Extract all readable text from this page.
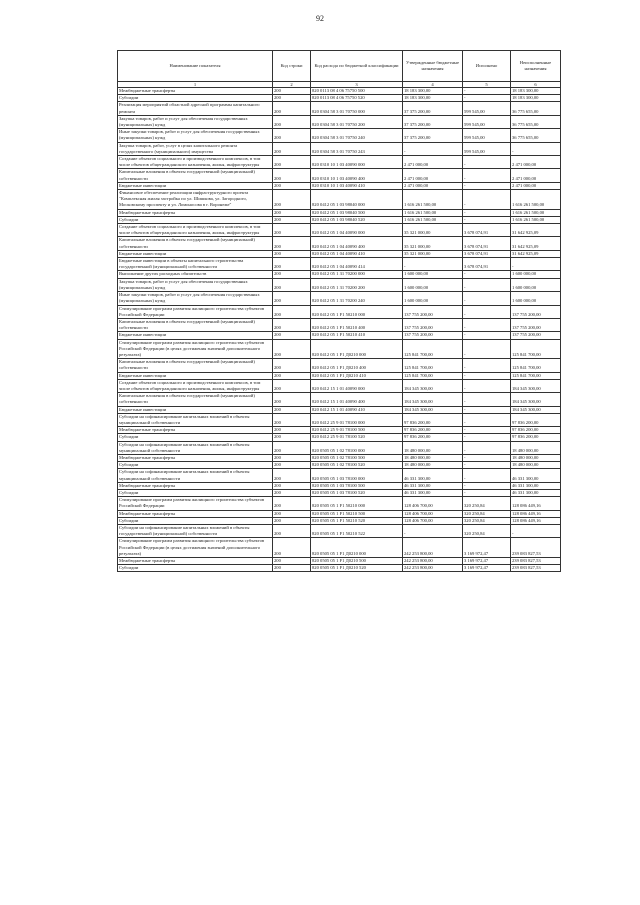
92
Наименование показателя	Код строки	Код расхода по бюджетной классификации	Утвержденные бюджетные назначения	Исполнено	Неисполненные назначения
1	2	3	4	5	6
Межбюджетные трансферты	200	820 0113 08 4 06 75750 500	18 183 300,00	-	18 183 300,00
Субсидии	200	820 0113 08 4 06 75750 520	18 183 300,00	-	18 183 300,00
Реализация мероприятий областной адресной программы капитального ремонта	200	820 0304 58 3 01 70750 000	37 375 200,00	599 545,00	36 775 655,00
Закупка товаров, работ и услуг для обеспечения государственных (муниципальных) нужд	200	820 0304 58 3 01 70750 200	37 375 200,00	599 545,00	36 775 655,00
Иные закупки товаров, работ и услуг для обеспечения государственных (муниципальных) нужд	200	820 0304 58 3 01 70750 240	37 375 200,00	599 545,00	36 775 655,00
Закупка товаров, работ, услуг в целях капитального ремонта государственного (муниципального) имущества	200	820 0304 58 3 01 70750 243	-	599 545,00	-
Создание объектов социального и производственного комплексов, в том числе объектов общегражданского назначения, жилья, инфраструктуры	200	820 0310 10 1 03 40090 000	2 471 000,00	-	2 471 000,00
Капитальные вложения в объекты государственной (муниципальной) собственности	200	820 0310 10 1 03 40090 400	2 471 000,00	-	2 471 000,00
Бюджетные инвестиции	200	820 0310 10 1 03 40090 410	2 471 000,00	-	2 471 000,00
Финансовое обеспечение реализации инфраструктурного проекта "Комплексная жилая застройка по ул. Шишкова, ул. Загородного, Московскому проспекту и ул. Ломоносова в г. Воронеже"	200	820 0412 05 1 03 98040 000	1 616 261 500,00	-	1 616 261 500,00
Межбюджетные трансферты	200	820 0412 05 1 03 98040 500	1 616 261 500,00	-	1 616 261 500,00
Субсидии	200	820 0412 05 1 03 98040 520	1 616 261 500,00	-	1 616 261 500,00
Создание объектов социального и производственного комплексов, в том числе объектов общегражданского назначения, жилья, инфраструктуры	200	820 0412 05 1 04 40090 000	35 321 000,00	3 678 074,91	31 642 925,09
Капитальные вложения в объекты государственной (муниципальной) собственности	200	820 0412 05 1 04 40090 400	35 321 000,00	3 678 074,91	31 642 925,09
Бюджетные инвестиции	200	820 0412 05 1 04 40090 410	35 321 000,00	3 678 074,91	31 642 925,09
Бюджетные инвестиции в объекты капитального строительства государственной (муниципальной) собственности	200	820 0412 05 1 04 40090 414	-	3 678 074,91	-
Выполнение других расходных обязательств	200	820 0412 05 1 31 70200 000	1 600 000,00	-	1 600 000,00
Закупка товаров, работ и услуг для обеспечения государственных (муниципальных) нужд	200	820 0412 05 1 31 70200 200	1 600 000,00	-	1 600 000,00
Иные закупки товаров, работ и услуг для обеспечения государственных (муниципальных) нужд	200	820 0412 05 1 31 70200 240	1 600 000,00	-	1 600 000,00
Стимулирование программ развития жилищного строительства субъектов Российской Федерации	200	820 0412 05 1 F1 50210 000	137 755 200,00	-	137 755 200,00
Капитальные вложения в объекты государственной (муниципальной) собственности	200	820 0412 05 1 F1 50210 400	137 755 200,00	-	137 755 200,00
Бюджетные инвестиции	200	820 0412 05 1 F1 50210 410	137 755 200,00	-	137 755 200,00
Стимулирование программ развития жилищного строительства субъектов Российской Федерации (в целях достижения значений дополнительного результата)	200	820 0412 05 1 F1 Д0210 000	125 841 700,00	-	125 841 700,00
Капитальные вложения в объекты государственной (муниципальной) собственности	200	820 0412 05 1 F1 Д0210 400	125 841 700,00	-	125 841 700,00
Бюджетные инвестиции	200	820 0412 05 1 F1 Д0210 410	125 841 700,00	-	125 841 700,00
Создание объектов социального и производственного комплексов, в том числе объектов общегражданского назначения, жилья, инфраструктуры	200	820 0412 15 1 01 40090 000	184 345 300,00	-	184 345 300,00
Капитальные вложения в объекты государственной (муниципальной) собственности	200	820 0412 15 1 01 40090 400	184 345 300,00	-	184 345 300,00
Бюджетные инвестиции	200	820 0412 15 1 01 40090 410	184 345 300,00	-	184 345 300,00
Субсидии на софинансирование капитальных вложений в объекты муниципальной собственности	200	820 0412 25 9 01 78100 000	97 836 200,00	-	97 836 200,00
Межбюджетные трансферты	200	820 0412 25 9 01 78100 500	97 836 200,00	-	97 836 200,00
Субсидии	200	820 0412 25 9 01 78100 520	97 836 200,00	-	97 836 200,00
Субсидии на софинансирование капитальных вложений в объекты муниципальной собственности	200	820 0505 05 1 02 78100 000	18 480 000,00	-	18 480 000,00
Межбюджетные трансферты	200	820 0505 05 1 02 78100 500	18 480 000,00	-	18 480 000,00
Субсидии	200	820 0505 05 1 02 78100 520	18 480 000,00	-	18 480 000,00
Субсидии на софинансирование капитальных вложений в объекты муниципальной собственности	200	820 0505 05 1 03 78100 000	46 331 300,00	-	46 331 300,00
Межбюджетные трансферты	200	820 0505 05 1 03 78100 500	46 331 300,00	-	46 331 300,00
Субсидии	200	820 0505 05 1 03 78100 520	46 331 300,00	-	46 331 300,00
Стимулирование программ развития жилищного строительства субъектов Российской Федерации	200	820 0505 05 1 F1 50210 000	128 406 700,00	320 250,84	128 086 449,16
Межбюджетные трансферты	200	820 0505 05 1 F1 50210 500	128 406 700,00	320 250,84	128 086 449,16
Субсидии	200	820 0505 05 1 F1 50210 520	128 406 700,00	320 250,84	128 086 449,16
Субсидии на софинансирование капитальных вложений в объекты государственной (муниципальной) собственности	200	820 0505 05 1 F1 50210 522	-	320 250,84	-
Стимулирование программ развития жилищного строительства субъектов Российской Федерации (в целях достижения значений дополнительного результата)	200	820 0505 05 1 F1 Д0210 000	242 253 800,00	3 169 972,47	239 083 827,53
Межбюджетные трансферты	200	820 0505 05 1 F1 Д0210 500	242 253 800,00	3 169 972,47	239 083 827,53
Субсидии	200	820 0505 05 1 F1 Д0210 520	242 253 800,00	3 169 972,47	239 083 827,53
